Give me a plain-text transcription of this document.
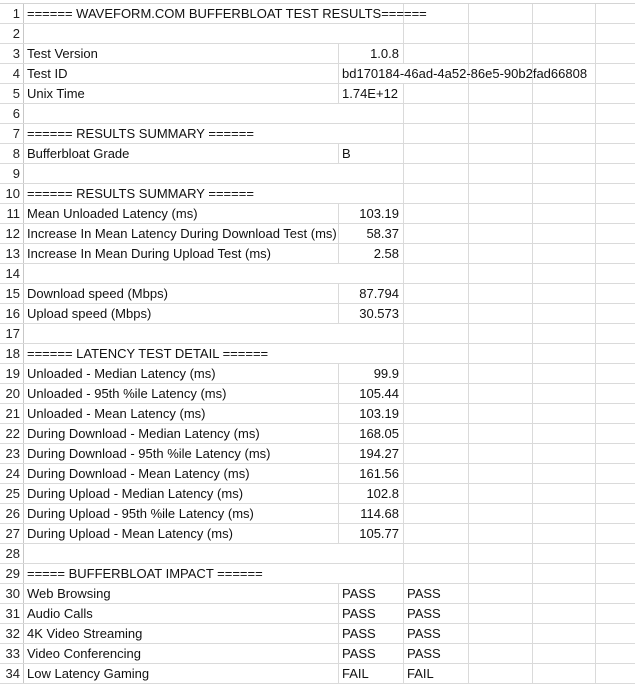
1 ====== WAVEFORM.COM BUFFERBLOAT TEST RESULTS======
2
3 Test Version	1.0.8
4 Test ID	bd170184-46ad-4a52-86e5-90b2fad66808
5 Unix Time	1.74E+12
6
7 ====== RESULTS SUMMARY ======
8 Bufferbloat Grade	B
9
10 ====== RESULTS SUMMARY ======
11 Mean Unloaded Latency (ms)	103.19
12 Increase In Mean Latency During Download Test (ms)	58.37
13 Increase In Mean During Upload Test (ms)	2.58
14
15 Download speed (Mbps)	87.794
16 Upload speed (Mbps)	30.573
17
18 ====== LATENCY TEST DETAIL ======
19 Unloaded - Median Latency (ms)	99.9
20 Unloaded - 95th %ile Latency (ms)	105.44
21 Unloaded - Mean Latency (ms)	103.19
22 During Download - Median Latency (ms)	168.05
23 During Download - 95th %ile Latency (ms)	194.27
24 During Download - Mean Latency (ms)	161.56
25 During Upload - Median Latency (ms)	102.8
26 During Upload - 95th %ile Latency (ms)	114.68
27 During Upload - Mean Latency (ms)	105.77
28
29 ===== BUFFERBLOAT IMPACT ======
30 Web Browsing	PASS	PASS
31 Audio Calls	PASS	PASS
32 4K Video Streaming	PASS	PASS
33 Video Conferencing	PASS	PASS
34 Low Latency Gaming	FAIL	FAIL
